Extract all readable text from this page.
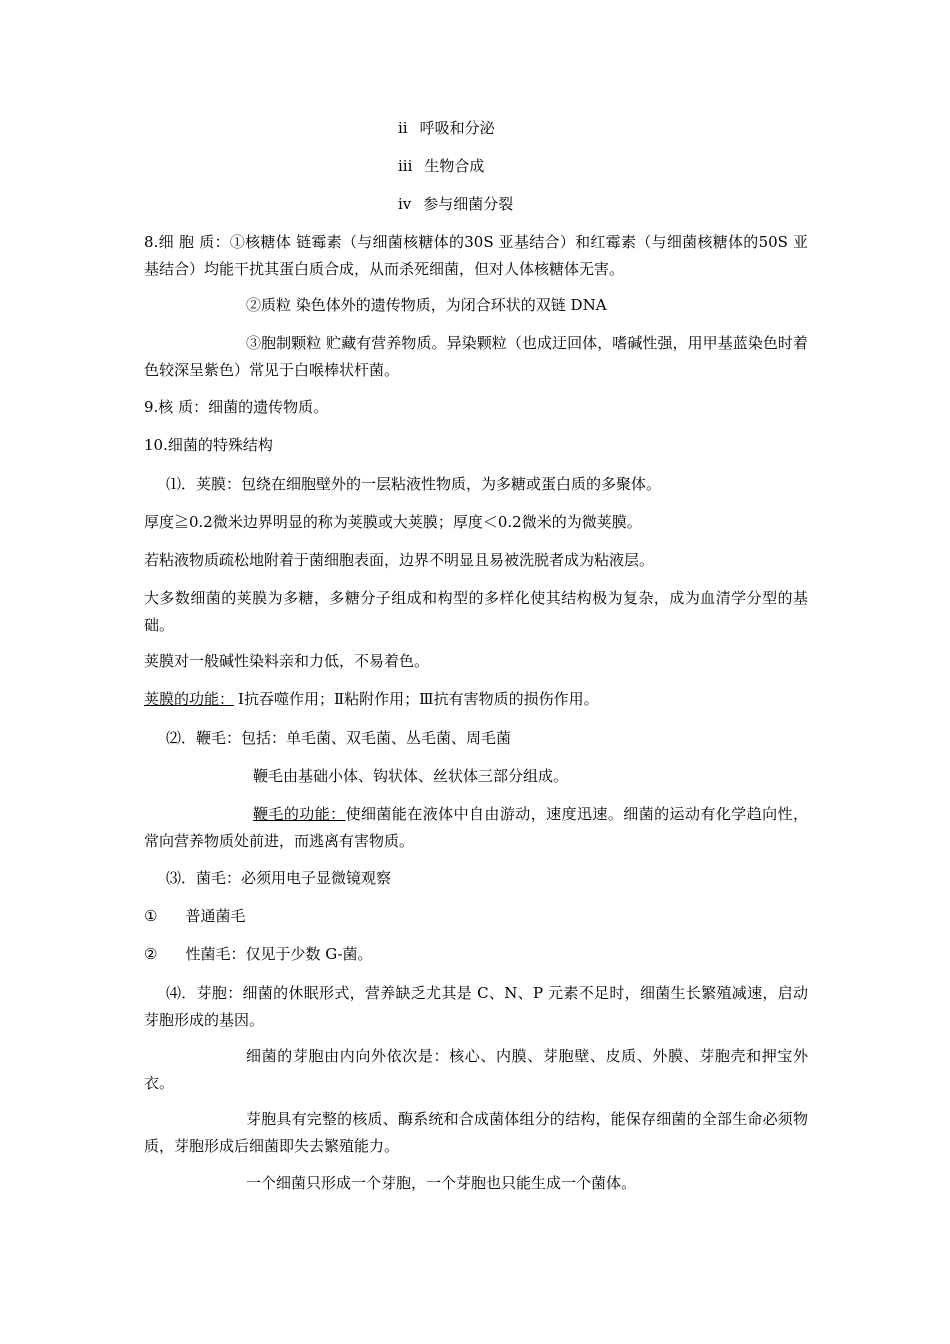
ii 呼吸和分泌
iii 生物合成
iv 参与细菌分裂
8.细 胞 质：①核糖体 链霉素（与细菌核糖体的30S 亚基结合）和红霉素（与细菌核糖体的50S 亚基结合）均能干扰其蛋白质合成，从而杀死细菌，但对人体核糖体无害。
②质粒 染色体外的遗传物质，为闭合环状的双链 DNA
③胞制颗粒 贮藏有营养物质。异染颗粒（也成迂回体，嗜碱性强，用甲基蓝染色时着色较深呈紫色）常见于白喉棒状杆菌。
9.核 质：细菌的遗传物质。
10.细菌的特殊结构
⑴．荚膜：包绕在细胞壁外的一层粘液性物质，为多糖或蛋白质的多聚体。
厚度≧0.2微米边界明显的称为荚膜或大荚膜；厚度＜0.2微米的为微荚膜。
若粘液物质疏松地附着于菌细胞表面，边界不明显且易被洗脱者成为粘液层。
大多数细菌的荚膜为多糖，多糖分子组成和构型的多样化使其结构极为复杂，成为血清学分型的基础。
荚膜对一般碱性染料亲和力低，不易着色。
荚膜的功能： Ⅰ抗吞噬作用；Ⅱ粘附作用；Ⅲ抗有害物质的损伤作用。
⑵．鞭毛：包括：单毛菌、双毛菌、丛毛菌、周毛菌
鞭毛由基础小体、钩状体、丝状体三部分组成。
鞭毛的功能：使细菌能在液体中自由游动，速度迅速。细菌的运动有化学趋向性，常向营养物质处前进，而逃离有害物质。
⑶．菌毛：必须用电子显微镜观察
① 普通菌毛
② 性菌毛：仅见于少数 G-菌。
⑷．芽胞：细菌的休眠形式，营养缺乏尤其是 C、N、P 元素不足时，细菌生长繁殖减速，启动芽胞形成的基因。
细菌的芽胞由内向外依次是：核心、内膜、芽胞壁、皮质、外膜、芽胞壳和押宝外衣。
芽胞具有完整的核质、酶系统和合成菌体组分的结构，能保存细菌的全部生命必须物质，芽胞形成后细菌即失去繁殖能力。
一个细菌只形成一个芽胞，一个芽胞也只能生成一个菌体。
